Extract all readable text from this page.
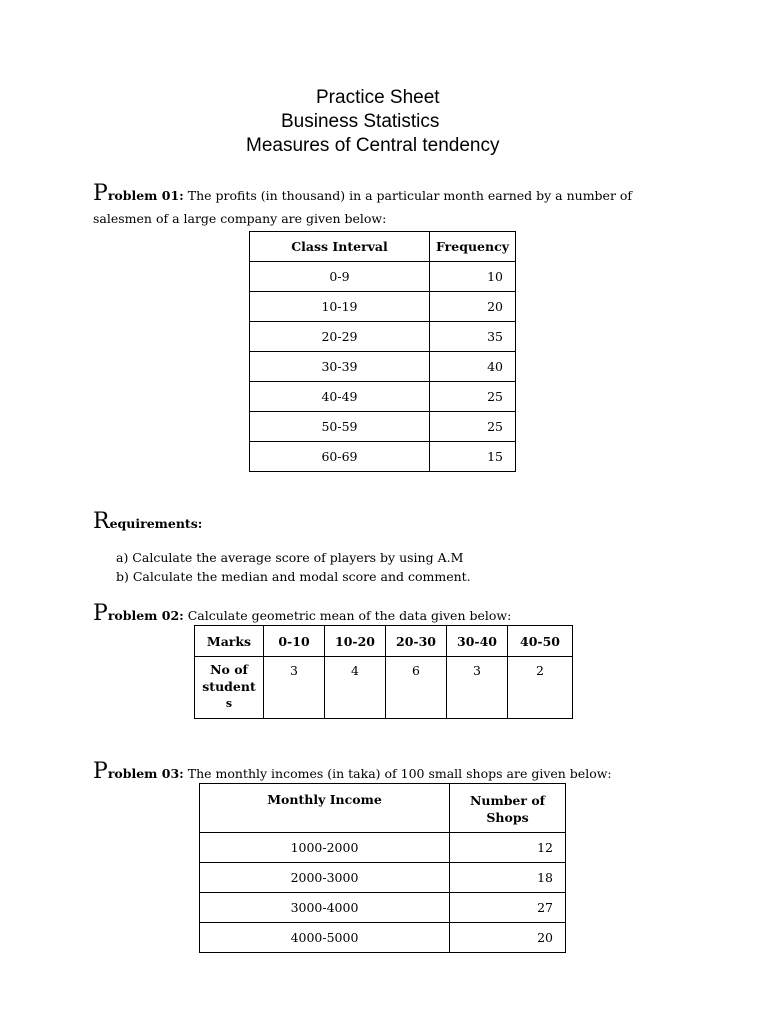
Practice Sheet
Business Statistics
Measures of Central tendency
Problem 01: The profits (in thousand) in a particular month earned by a number of
salesmen of a large company are given below:
Class Interval	Frequency
0-9	10
10-19	20
20-29	35
30-39	40
40-49	25
50-59	25
60-69	15
Requirements:
a) Calculate the average score of players by using A.M
b) Calculate the median and modal score and comment.
Problem 02: Calculate geometric mean of the data given below:
Marks	0-10	10-20	20-30	30-40	40-50

No of
student
s	3	4	6	3	2
Problem 03: The monthly incomes (in taka) of 100 small shops are given below:
Monthly Income	Number of
Shops

1000-2000	12
2000-3000	18
3000-4000	27
4000-5000	20
